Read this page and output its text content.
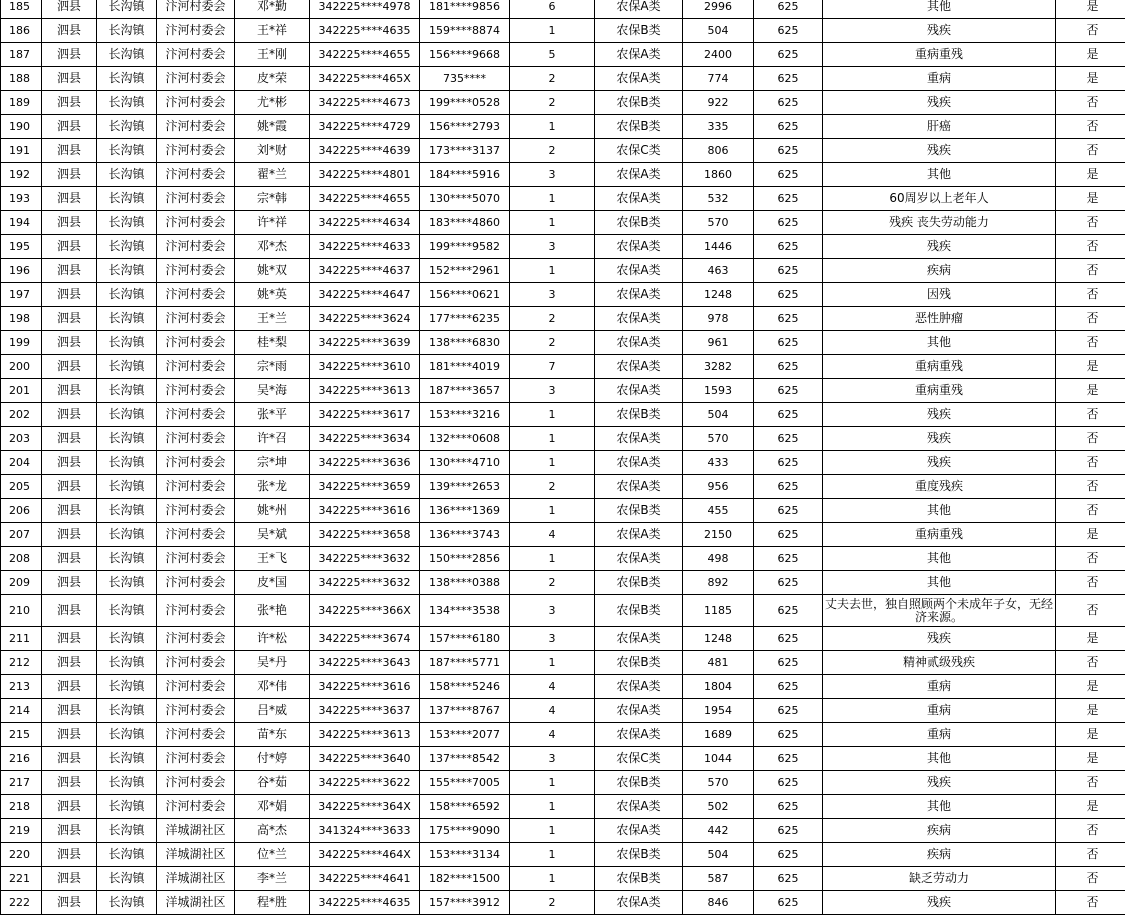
185	泗县	长沟镇	汴河村委会	邓*勤	342225****4978	181****9856	6	农保A类	2996	625	其他	是	
186	泗县	长沟镇	汴河村委会	王*祥	342225****4635	159****8874	1	农保B类	504	625	残疾	否	
187	泗县	长沟镇	汴河村委会	王*刚	342225****4655	156****9668	5	农保A类	2400	625	重病重残	是	
188	泗县	长沟镇	汴河村委会	皮*荣	342225****465X	735****	2	农保A类	774	625	重病	是	
189	泗县	长沟镇	汴河村委会	尤*彬	342225****4673	199****0528	2	农保B类	922	625	残疾	否	
190	泗县	长沟镇	汴河村委会	姚*霞	342225****4729	156****2793	1	农保B类	335	625	肝癌	否	
191	泗县	长沟镇	汴河村委会	刘*财	342225****4639	173****3137	2	农保C类	806	625	残疾	否	
192	泗县	长沟镇	汴河村委会	翟*兰	342225****4801	184****5916	3	农保A类	1860	625	其他	是	
193	泗县	长沟镇	汴河村委会	宗*韩	342225****4655	130****5070	1	农保A类	532	625	60周岁以上老年人	是	
194	泗县	长沟镇	汴河村委会	许*祥	342225****4634	183****4860	1	农保B类	570	625	残疾 丧失劳动能力	否	
195	泗县	长沟镇	汴河村委会	邓*杰	342225****4633	199****9582	3	农保A类	1446	625	残疾	否	
196	泗县	长沟镇	汴河村委会	姚*双	342225****4637	152****2961	1	农保A类	463	625	疾病	否	
197	泗县	长沟镇	汴河村委会	姚*英	342225****4647	156****0621	3	农保A类	1248	625	因残	否	
198	泗县	长沟镇	汴河村委会	王*兰	342225****3624	177****6235	2	农保A类	978	625	恶性肿瘤	否	
199	泗县	长沟镇	汴河村委会	桂*梨	342225****3639	138****6830	2	农保A类	961	625	其他	否	
200	泗县	长沟镇	汴河村委会	宗*雨	342225****3610	181****4019	7	农保A类	3282	625	重病重残	是	
201	泗县	长沟镇	汴河村委会	吴*海	342225****3613	187****3657	3	农保A类	1593	625	重病重残	是	
202	泗县	长沟镇	汴河村委会	张*平	342225****3617	153****3216	1	农保B类	504	625	残疾	否	
203	泗县	长沟镇	汴河村委会	许*召	342225****3634	132****0608	1	农保A类	570	625	残疾	否	
204	泗县	长沟镇	汴河村委会	宗*坤	342225****3636	130****4710	1	农保A类	433	625	残疾	否	
205	泗县	长沟镇	汴河村委会	张*龙	342225****3659	139****2653	2	农保A类	956	625	重度残疾	否	
206	泗县	长沟镇	汴河村委会	姚*州	342225****3616	136****1369	1	农保B类	455	625	其他	否	
207	泗县	长沟镇	汴河村委会	吴*斌	342225****3658	136****3743	4	农保A类	2150	625	重病重残	是	
208	泗县	长沟镇	汴河村委会	王*飞	342225****3632	150****2856	1	农保A类	498	625	其他	否	
209	泗县	长沟镇	汴河村委会	皮*国	342225****3632	138****0388	2	农保B类	892	625	其他	否	
210	泗县	长沟镇	汴河村委会	张*艳	342225****366X	134****3538	3	农保B类	1185	625	丈夫去世，独自照顾两个未成年子女，无经济来源。	否	
211	泗县	长沟镇	汴河村委会	许*松	342225****3674	157****6180	3	农保A类	1248	625	残疾	是	
212	泗县	长沟镇	汴河村委会	吴*丹	342225****3643	187****5771	1	农保B类	481	625	精神贰级残疾	否	
213	泗县	长沟镇	汴河村委会	邓*伟	342225****3616	158****5246	4	农保A类	1804	625	重病	是	
214	泗县	长沟镇	汴河村委会	吕*威	342225****3637	137****8767	4	农保A类	1954	625	重病	是	
215	泗县	长沟镇	汴河村委会	苗*东	342225****3613	153****2077	4	农保A类	1689	625	重病	是	
216	泗县	长沟镇	汴河村委会	付*婷	342225****3640	137****8542	3	农保C类	1044	625	其他	是	
217	泗县	长沟镇	汴河村委会	谷*茹	342225****3622	155****7005	1	农保B类	570	625	残疾	否	
218	泗县	长沟镇	汴河村委会	邓*娟	342225****364X	158****6592	1	农保A类	502	625	其他	是	
219	泗县	长沟镇	洋城湖社区	高*杰	341324****3633	175****9090	1	农保A类	442	625	疾病	否	
220	泗县	长沟镇	洋城湖社区	位*兰	342225****464X	153****3134	1	农保B类	504	625	疾病	否	
221	泗县	长沟镇	洋城湖社区	李*兰	342225****4641	182****1500	1	农保B类	587	625	缺乏劳动力	否	
222	泗县	长沟镇	洋城湖社区	程*胜	342225****4635	157****3912	2	农保A类	846	625	残疾	否	
